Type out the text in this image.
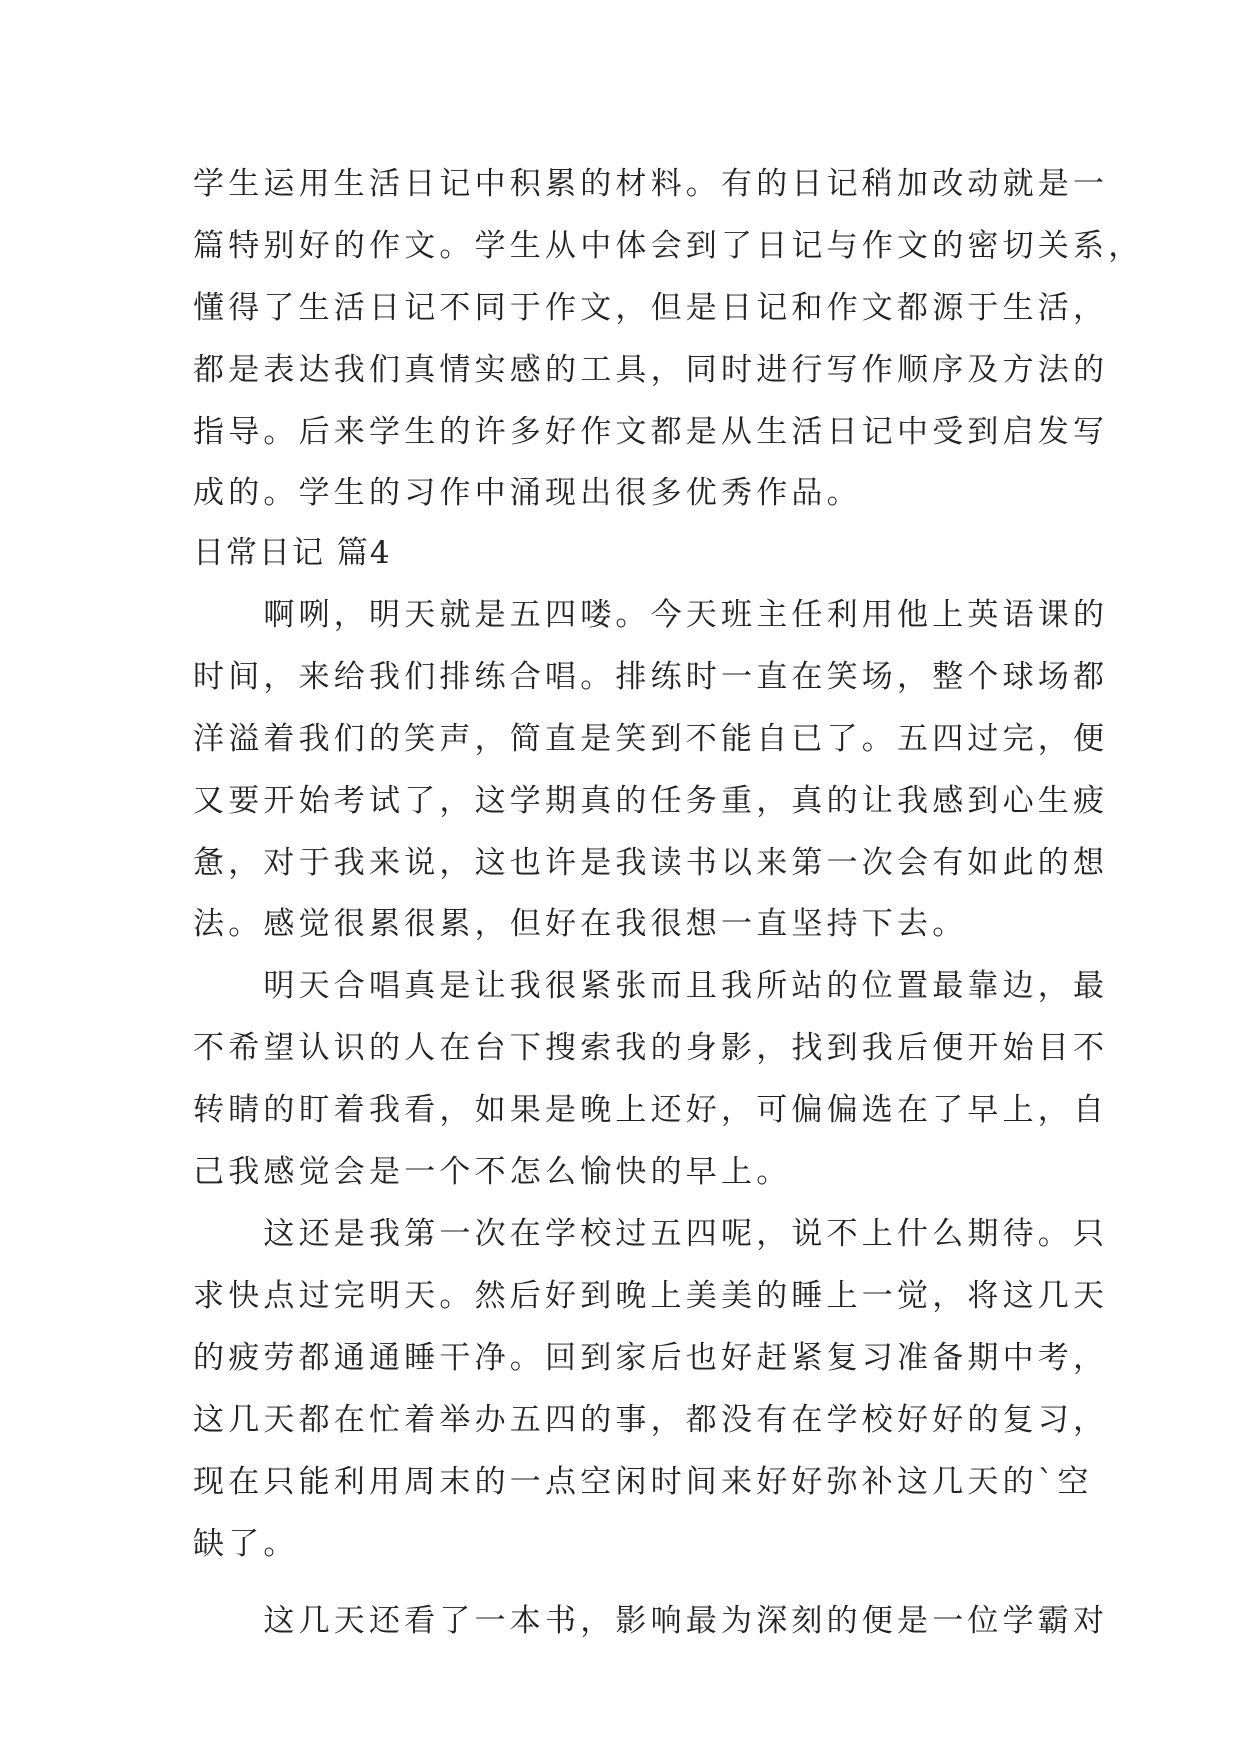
学生运用生活日记中积累的材料。有的日记稍加改动就是一
篇特别好的作文。学生从中体会到了日记与作文的密切关系，
懂得了生活日记不同于作文，但是日记和作文都源于生活，
都是表达我们真情实感的工具，同时进行写作顺序及方法的
指导。后来学生的许多好作文都是从生活日记中受到启发写
成的。学生的习作中涌现出很多优秀作品。
日常日记 篇4
　　啊咧，明天就是五四喽。今天班主任利用他上英语课的
时间，来给我们排练合唱。排练时一直在笑场，整个球场都
洋溢着我们的笑声，简直是笑到不能自已了。五四过完，便
又要开始考试了，这学期真的任务重，真的让我感到心生疲
惫，对于我来说，这也许是我读书以来第一次会有如此的想
法。感觉很累很累，但好在我很想一直坚持下去。
　　明天合唱真是让我很紧张而且我所站的位置最靠边，最
不希望认识的人在台下搜索我的身影，找到我后便开始目不
转睛的盯着我看，如果是晚上还好，可偏偏选在了早上，自
己我感觉会是一个不怎么愉快的早上。
　　这还是我第一次在学校过五四呢，说不上什么期待。只
求快点过完明天。然后好到晚上美美的睡上一觉，将这几天
的疲劳都通通睡干净。回到家后也好赶紧复习准备期中考，
这几天都在忙着举办五四的事，都没有在学校好好的复习，
现在只能利用周末的一点空闲时间来好好弥补这几天的`空
缺了。
　　这几天还看了一本书，影响最为深刻的便是一位学霸对
